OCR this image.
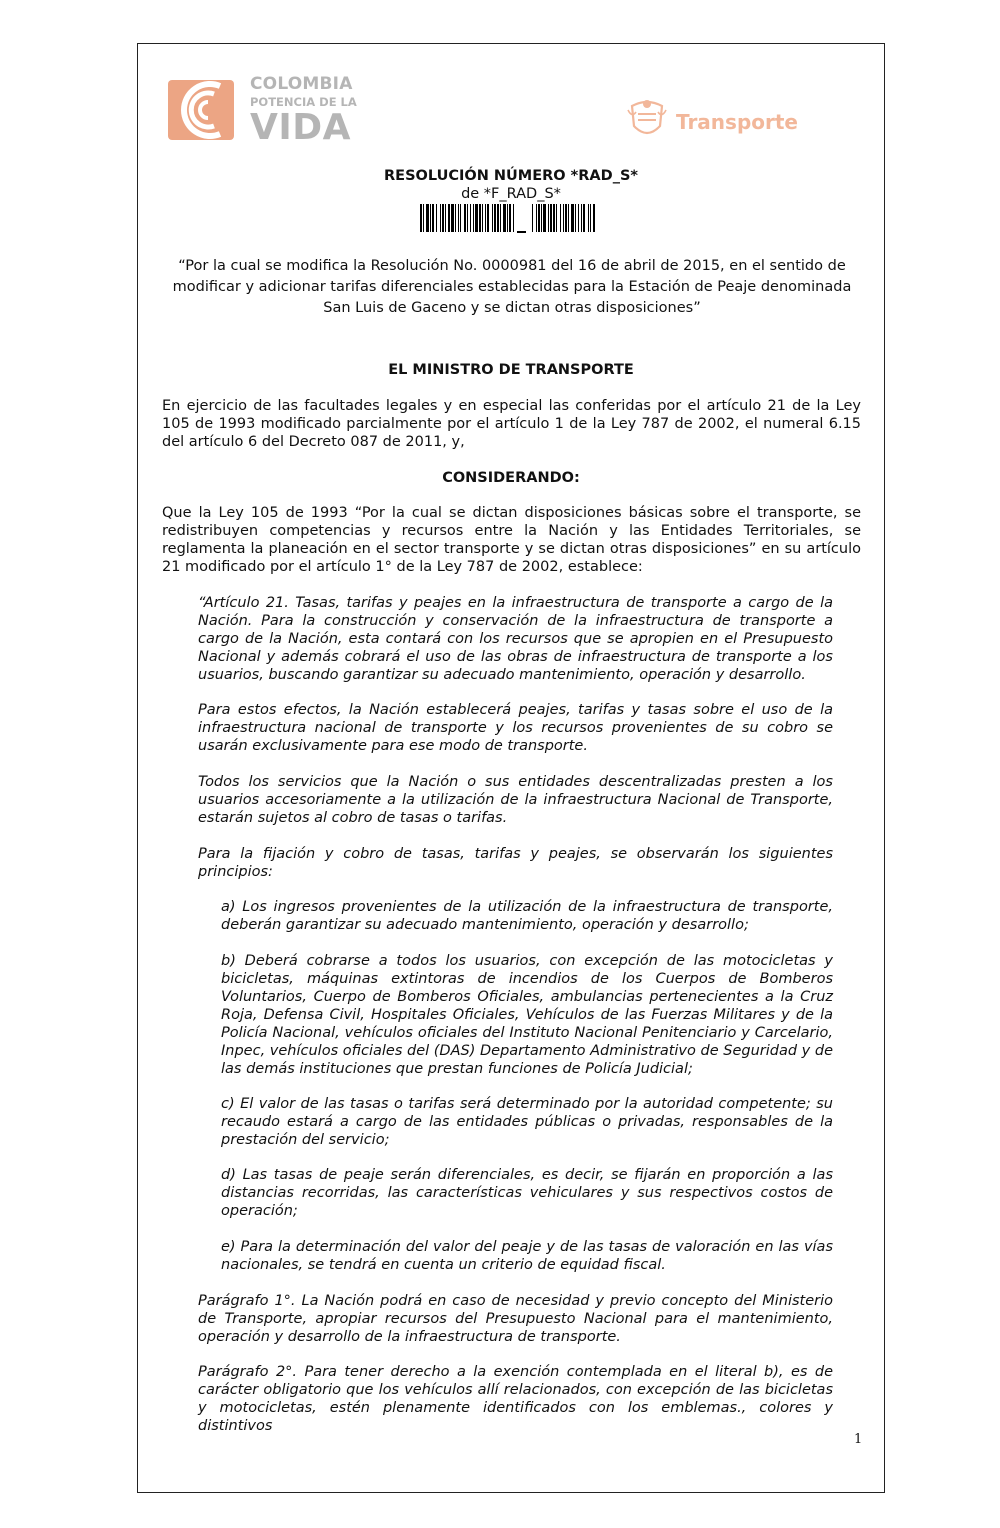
COLOMBIA
POTENCIA DE LA
VIDA	Transporte
RESOLUCIÓN NÚMERO *RAD_S*
de *F_RAD_S*

“Por la cual se modifica la Resolución No. 0000981 del 16 de abril de 2015, en el sentido de modificar y adicionar tarifas diferenciales establecidas para la Estación de Peaje denominada San Luis de Gaceno y se dictan otras disposiciones”

EL MINISTRO DE TRANSPORTE

En ejercicio de las facultades legales y en especial las conferidas por el artículo 21 de la Ley 105 de 1993 modificado parcialmente por el artículo 1 de la Ley 787 de 2002, el numeral 6.15 del artículo 6 del Decreto 087 de 2011, y,

CONSIDERANDO:

Que la Ley 105 de 1993 “Por la cual se dictan disposiciones básicas sobre el transporte, se redistribuyen competencias y recursos entre la Nación y las Entidades Territoriales, se reglamenta la planeación en el sector transporte y se dictan otras disposiciones” en su artículo 21 modificado por el artículo 1° de la Ley 787 de 2002, establece:

“Artículo 21. Tasas, tarifas y peajes en la infraestructura de transporte a cargo de la Nación. Para la construcción y conservación de la infraestructura de transporte a cargo de la Nación, esta contará con los recursos que se apropien en el Presupuesto Nacional y además cobrará el uso de las obras de infraestructura de transporte a los usuarios, buscando garantizar su adecuado mantenimiento, operación y desarrollo.

Para estos efectos, la Nación establecerá peajes, tarifas y tasas sobre el uso de la infraestructura nacional de transporte y los recursos provenientes de su cobro se usarán exclusivamente para ese modo de transporte.

Todos los servicios que la Nación o sus entidades descentralizadas presten a los usuarios accesoriamente a la utilización de la infraestructura Nacional de Transporte, estarán sujetos al cobro de tasas o tarifas.

Para la fijación y cobro de tasas, tarifas y peajes, se observarán los siguientes principios:

a) Los ingresos provenientes de la utilización de la infraestructura de transporte, deberán garantizar su adecuado mantenimiento, operación y desarrollo;

b) Deberá cobrarse a todos los usuarios, con excepción de las motocicletas y bicicletas, máquinas extintoras de incendios de los Cuerpos de Bomberos Voluntarios, Cuerpo de Bomberos Oficiales, ambulancias pertenecientes a la Cruz Roja, Defensa Civil, Hospitales Oficiales, Vehículos de las Fuerzas Militares y de la Policía Nacional, vehículos oficiales del Instituto Nacional Penitenciario y Carcelario, Inpec, vehículos oficiales del (DAS) Departamento Administrativo de Seguridad y de las demás instituciones que prestan funciones de Policía Judicial;

c) El valor de las tasas o tarifas será determinado por la autoridad competente; su recaudo estará a cargo de las entidades públicas o privadas, responsables de la prestación del servicio;

d) Las tasas de peaje serán diferenciales, es decir, se fijarán en proporción a las distancias recorridas, las características vehiculares y sus respectivos costos de operación;

e) Para la determinación del valor del peaje y de las tasas de valoración en las vías nacionales, se tendrá en cuenta un criterio de equidad fiscal.

Parágrafo 1°. La Nación podrá en caso de necesidad y previo concepto del Ministerio de Transporte, apropiar recursos del Presupuesto Nacional para el mantenimiento, operación y desarrollo de la infraestructura de transporte.

Parágrafo 2°. Para tener derecho a la exención contemplada en el literal b), es de carácter obligatorio que los vehículos allí relacionados, con excepción de las bicicletas y motocicletas, estén plenamente identificados con los emblemas., colores y distintivos

1
